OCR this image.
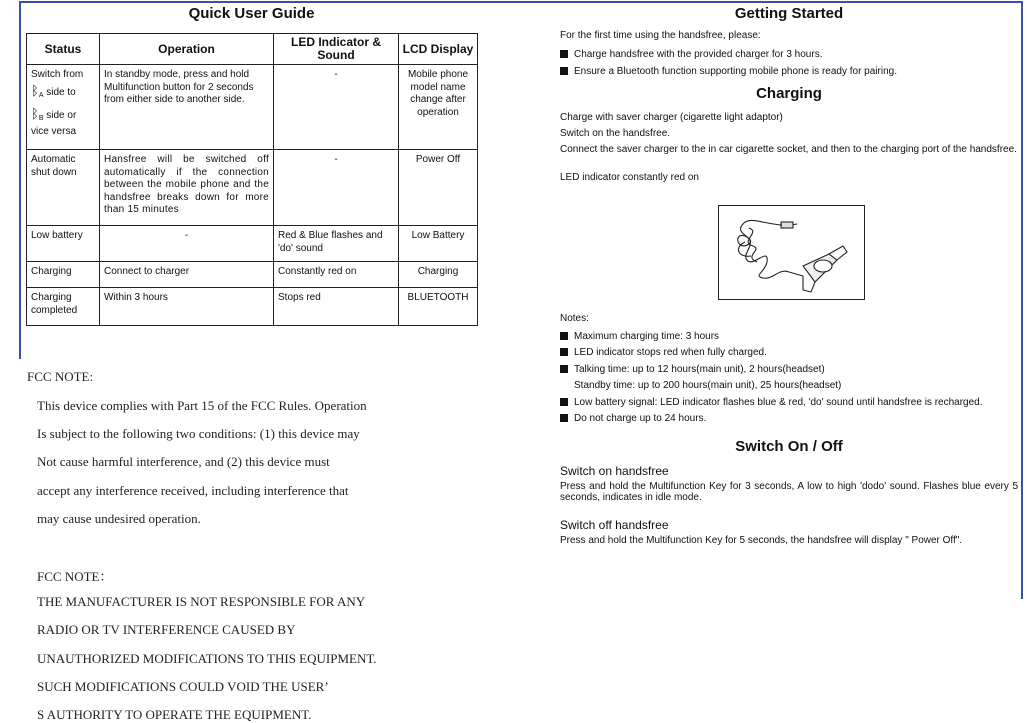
Quick User Guide
Status	Operation	LED Indicator & Sound	LCD Display

Switch from
ᛒ$_A$ side to
ᛒ$_B$ side or
vice versa	In standby mode, press and hold Multifunction button for 2 seconds from either side to another side.	-	Mobile phone model name change after operation
Automatic shut down	Hansfree will be switched off automatically if the connection between the mobile phone and the handsfree breaks down for more than 15 minutes	-	Power Off
Low battery	-	Red & Blue flashes and 'do' sound	Low Battery
Charging	Connect to charger	Constantly red on	Charging
Charging completed	Within 3 hours	Stops red	BLUETOOTH

FCC NOTE:

This device complies with Part 15 of the FCC Rules. Operation

Is subject to the following two conditions: (1) this device may

Not cause harmful interference, and (2) this device must

accept any interference received, including interference that

may cause undesired operation.

FCC NOTE：

THE MANUFACTURER IS NOT RESPONSIBLE FOR ANY

RADIO OR TV INTERFERENCE CAUSED BY

UNAUTHORIZED MODIFICATIONS TO THIS EQUIPMENT.

SUCH MODIFICATIONS COULD VOID THE USER’

S AUTHORITY TO OPERATE THE EQUIPMENT.

Getting Started
For the first time using the handsfree, please:
Charge handsfree with the provided charger for 3 hours.
Ensure a Bluetooth function supporting mobile phone is ready for pairing.
Charging
Charge with saver charger (cigarette light adaptor)
Switch on the handsfree.
Connect the saver charger to the in car cigarette socket, and then to the charging port of the handsfree.
LED indicator constantly red on
Notes:
Maximum charging time: 3 hours
LED indicator stops red when fully charged.
Talking time: up to 12 hours(main unit), 2 hours(headset)
Standby time: up to 200 hours(main unit), 25 hours(headset)
Low battery signal: LED indicator flashes blue & red, 'do' sound until handsfree is recharged.
Do not charge up to 24 hours.
Switch On / Off
Switch on handsfree
Press and hold the Multifunction Key for 3 seconds, A low to high 'dodo' sound. Flashes blue every 5 seconds, indicates in idle mode.
Switch off handsfree
Press and hold the Multifunction Key for 5 seconds, the handsfree will display " Power Off".
